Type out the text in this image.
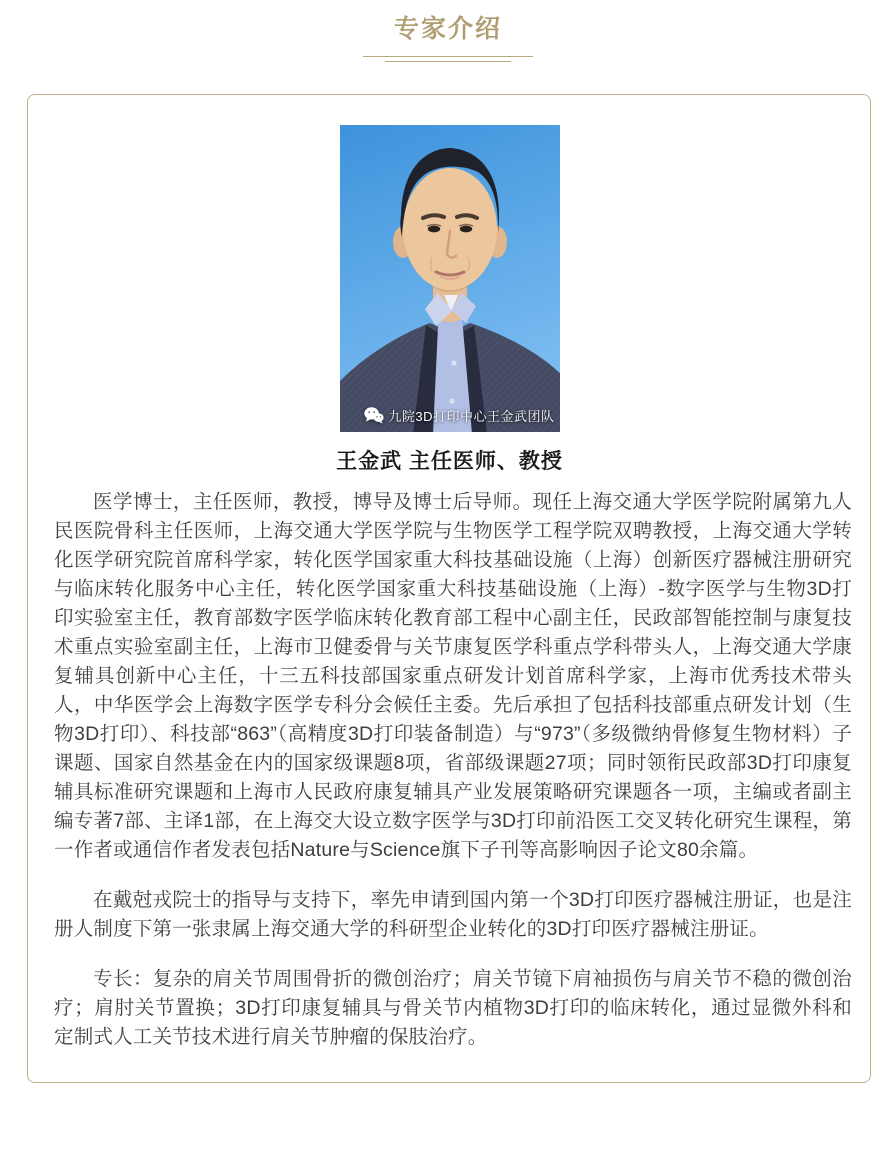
专家介绍
九院3D打印中心王金武团队
王金武 主任医师、教授

医学博士，主任医师，教授，博导及博士后导师。现任上海交通大学医学院附属第九人民医院骨科主任医师，上海交通大学医学院与生物医学工程学院双聘教授，上海交通大学转化医学研究院首席科学家，转化医学国家重大科技基础设施（上海）创新医疗器械注册研究与临床转化服务中心主任，转化医学国家重大科技基础设施（上海）-数字医学与生物3D打印实验室主任，教育部数字医学临床转化教育部工程中心副主任，民政部智能控制与康复技术重点实验室副主任，上海市卫健委骨与关节康复医学科重点学科带头人，上海交通大学康复辅具创新中心主任，十三五科技部国家重点研发计划首席科学家，上海市优秀技术带头人，中华医学会上海数字医学专科分会候任主委。先后承担了包括科技部重点研发计划（生物3D打印）、科技部“863”（高精度3D打印装备制造）与“973”（多级微纳骨修复生物材料）子课题、国家自然基金在内的国家级课题8项，省部级课题27项；同时领衔民政部3D打印康复辅具标准研究课题和上海市人民政府康复辅具产业发展策略研究课题各一项，主编或者副主编专著7部、主译1部，在上海交大设立数字医学与3D打印前沿医工交叉转化研究生课程，第一作者或通信作者发表包括Nature与Science旗下子刊等高影响因子论文80余篇。

在戴尅戎院士的指导与支持下，率先申请到国内第一个3D打印医疗器械注册证，也是注册人制度下第一张隶属上海交通大学的科研型企业转化的3D打印医疗器械注册证。

专长：复杂的肩关节周围骨折的微创治疗；肩关节镜下肩袖损伤与肩关节不稳的微创治疗；肩肘关节置换；3D打印康复辅具与骨关节内植物3D打印的临床转化，通过显微外科和定制式人工关节技术进行肩关节肿瘤的保肢治疗。
